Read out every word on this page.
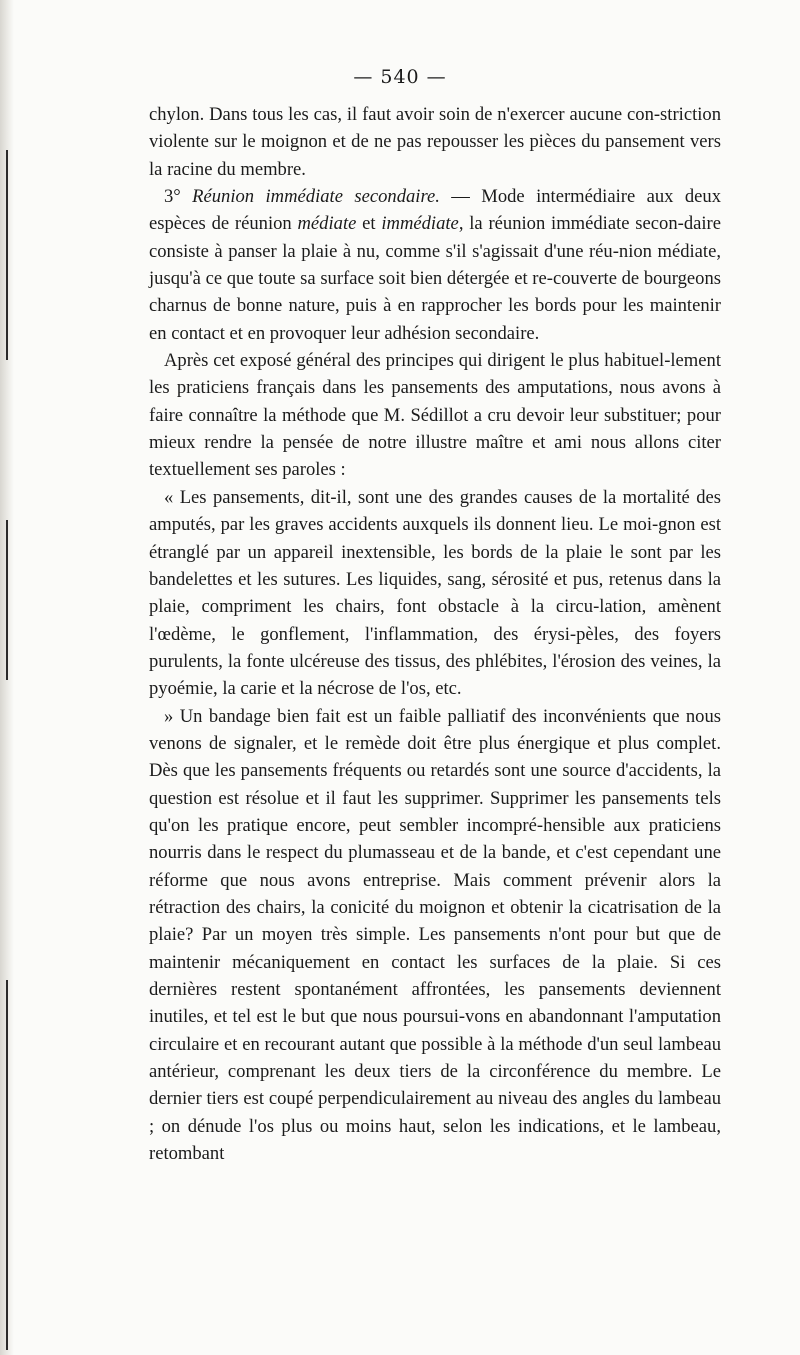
— 540 —

chylon. Dans tous les cas, il faut avoir soin de n'exercer aucune con-striction violente sur le moignon et de ne pas repousser les pièces du pansement vers la racine du membre.

3° Réunion immédiate secondaire. — Mode intermédiaire aux deux espèces de réunion médiate et immédiate, la réunion immédiate secon-daire consiste à panser la plaie à nu, comme s'il s'agissait d'une réu-nion médiate, jusqu'à ce que toute sa surface soit bien détergée et re-couverte de bourgeons charnus de bonne nature, puis à en rapprocher les bords pour les maintenir en contact et en provoquer leur adhésion secondaire.

Après cet exposé général des principes qui dirigent le plus habituel-lement les praticiens français dans les pansements des amputations, nous avons à faire connaître la méthode que M. Sédillot a cru devoir leur substituer; pour mieux rendre la pensée de notre illustre maître et ami nous allons citer textuellement ses paroles :

« Les pansements, dit-il, sont une des grandes causes de la mortalité des amputés, par les graves accidents auxquels ils donnent lieu. Le moi-gnon est étranglé par un appareil inextensible, les bords de la plaie le sont par les bandelettes et les sutures. Les liquides, sang, sérosité et pus, retenus dans la plaie, compriment les chairs, font obstacle à la circu-lation, amènent l'œdème, le gonflement, l'inflammation, des érysi-pèles, des foyers purulents, la fonte ulcéreuse des tissus, des phlébites, l'érosion des veines, la pyoémie, la carie et la nécrose de l'os, etc.

» Un bandage bien fait est un faible palliatif des inconvénients que nous venons de signaler, et le remède doit être plus énergique et plus complet. Dès que les pansements fréquents ou retardés sont une source d'accidents, la question est résolue et il faut les supprimer. Supprimer les pansements tels qu'on les pratique encore, peut sembler incompré-hensible aux praticiens nourris dans le respect du plumasseau et de la bande, et c'est cependant une réforme que nous avons entreprise. Mais comment prévenir alors la rétraction des chairs, la conicité du moignon et obtenir la cicatrisation de la plaie? Par un moyen très simple. Les pansements n'ont pour but que de maintenir mécaniquement en contact les surfaces de la plaie. Si ces dernières restent spontanément affrontées, les pansements deviennent inutiles, et tel est le but que nous poursui-vons en abandonnant l'amputation circulaire et en recourant autant que possible à la méthode d'un seul lambeau antérieur, comprenant les deux tiers de la circonférence du membre. Le dernier tiers est coupé perpendiculairement au niveau des angles du lambeau ; on dénude l'os plus ou moins haut, selon les indications, et le lambeau, retombant
